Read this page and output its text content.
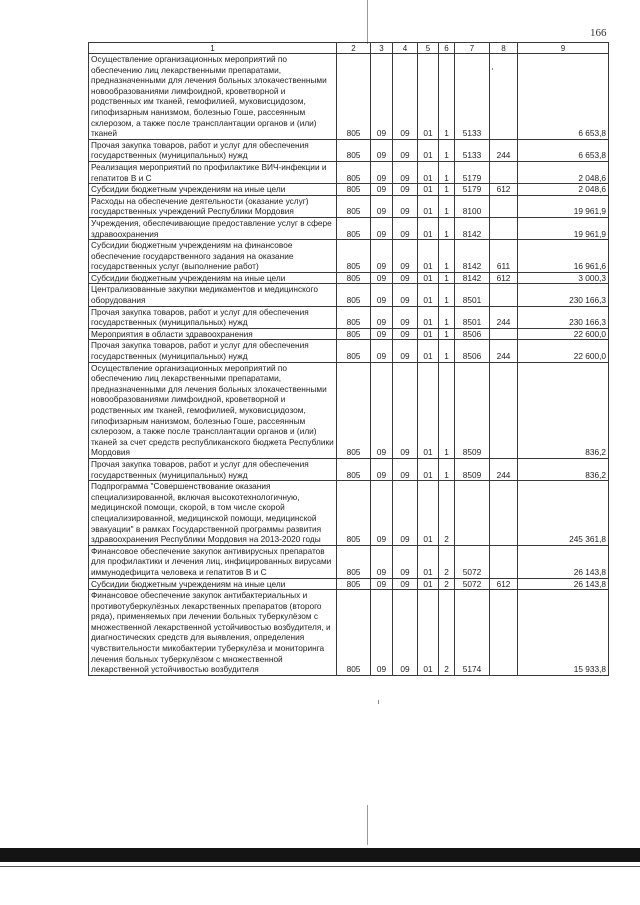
166
1	2	3	4	5	6	7	8	9
Осуществление организационных мероприятий по обеспечению лиц лекарственными препаратами, предназначенными для лечения больных злокачественными новообразованиями лимфоидной, кроветворной и родственных им тканей, гемофилией, муковисцидозом, гипофизарным нанизмом, болезнью Гоше, рассеянным склерозом, а также после трансплантации органов и (или) тканей	805	09	09	01	1	5133		6 653,8
Прочая закупка товаров, работ и услуг для обеспечения государственных (муниципальных) нужд	805	09	09	01	1	5133	244	6 653,8
Реализация мероприятий по профилактике ВИЧ-инфекции и гепатитов В и С	805	09	09	01	1	5179		2 048,6
Субсидии бюджетным учреждениям на иные цели	805	09	09	01	1	5179	612	2 048,6
Расходы на обеспечение деятельности (оказание услуг) государственных учреждений Республики Мордовия	805	09	09	01	1	8100		19 961,9
Учреждения, обеспечивающие предоставление услуг в сфере здравоохранения	805	09	09	01	1	8142		19 961,9
Субсидии бюджетным учреждениям на финансовое обеспечение государственного задания на оказание государственных услуг (выполнение работ)	805	09	09	01	1	8142	611	16 961,6
Субсидии бюджетным учреждениям на иные цели	805	09	09	01	1	8142	612	3 000,3
Централизованные закупки медикаментов и медицинского оборудования	805	09	09	01	1	8501		230 166,3
Прочая закупка товаров, работ и услуг для обеспечения государственных (муниципальных) нужд	805	09	09	01	1	8501	244	230 166,3
Мероприятия в области здравоохранения	805	09	09	01	1	8506		22 600,0
Прочая закупка товаров, работ и услуг для обеспечения государственных (муниципальных) нужд	805	09	09	01	1	8506	244	22 600,0
Осуществление организационных мероприятий по обеспечению лиц лекарственными препаратами, предназначенными для лечения больных злокачественными новообразованиями лимфоидной, кроветворной и родственных им тканей, гемофилией, муковисцидозом, гипофизарным нанизмом, болезнью Гоше, рассеянным склерозом, а также после трансплантации органов и (или) тканей за счет средств республиканского бюджета Республики Мордовия	805	09	09	01	1	8509		836,2
Прочая закупка товаров, работ и услуг для обеспечения государственных (муниципальных) нужд	805	09	09	01	1	8509	244	836,2
Подпрограмма "Совершенствование оказания специализированной, включая высокотехнологичную, медицинской помощи, скорой, в том числе скорой специализированной, медицинской помощи, медицинской эвакуации" в рамках Государственной программы развития здравоохранения Республики Мордовия на 2013-2020 годы	805	09	09	01	2			245 361,8
Финансовое обеспечение закупок антивирусных препаратов для профилактики и лечения лиц, инфицированных вирусами иммунодефицита человека и гепатитов В и С	805	09	09	01	2	5072		26 143,8
Субсидии бюджетным учреждениям на иные цели	805	09	09	01	2	5072	612	26 143,8
Финансовое обеспечение закупок антибактериальных и противотуберкулёзных лекарственных препаратов (второго ряда), применяемых при лечении больных туберкулёзом с множественной лекарственной устойчивостью возбудителя, и диагностических средств для выявления, определения чувствительности микобактерии туберкулёза и мониторинга лечения больных туберкулёзом с множественной лекарственной устойчивостью возбудителя	805	09	09	01	2	5174		15 933,8
